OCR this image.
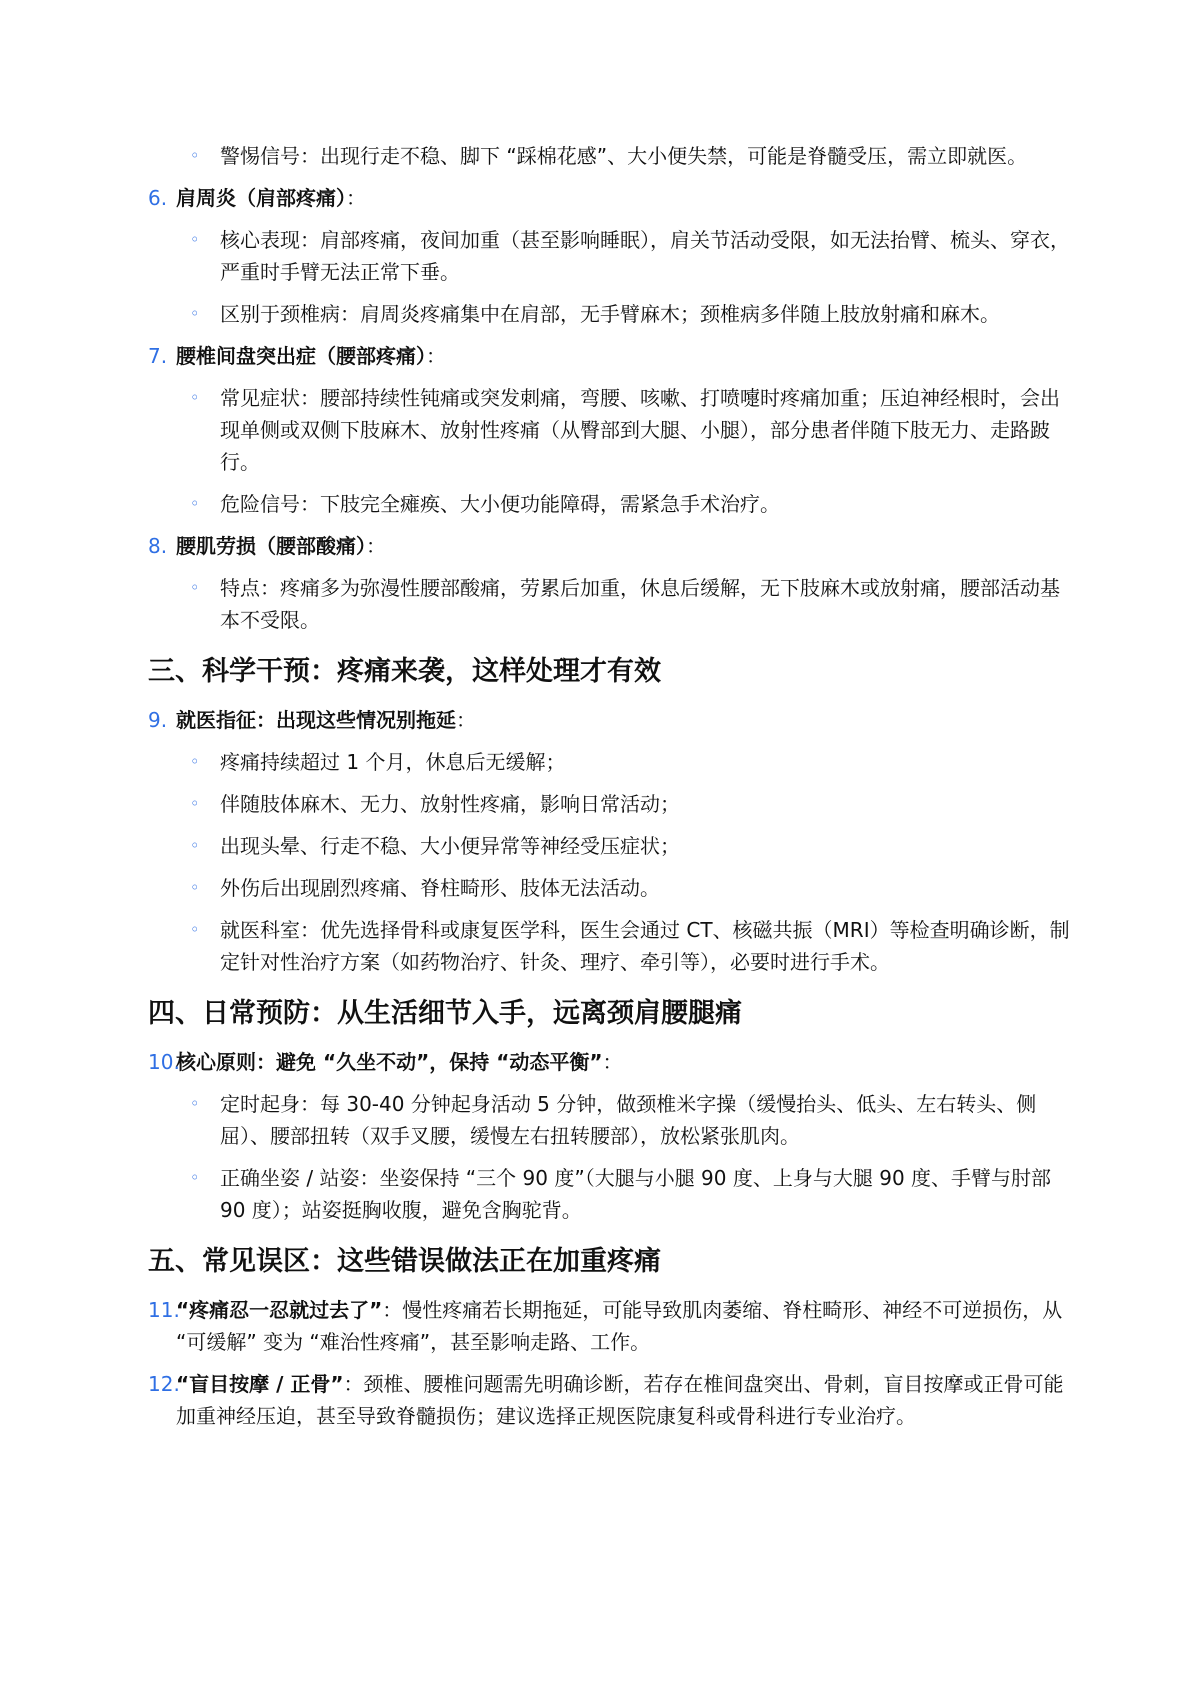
◦ 警惕信号：出现行走不稳、脚下 “踩棉花感”、大小便失禁，可能是脊髓受压，需立即就医。
6. 肩周炎（肩部疼痛）：
◦ 核心表现：肩部疼痛，夜间加重（甚至影响睡眠），肩关节活动受限，如无法抬臂、梳头、穿衣，严重时手臂无法正常下垂。
◦ 区别于颈椎病：肩周炎疼痛集中在肩部，无手臂麻木；颈椎病多伴随上肢放射痛和麻木。
7. 腰椎间盘突出症（腰部疼痛）：
◦ 常见症状：腰部持续性钝痛或突发刺痛，弯腰、咳嗽、打喷嚏时疼痛加重；压迫神经根时，会出现单侧或双侧下肢麻木、放射性疼痛（从臀部到大腿、小腿），部分患者伴随下肢无力、走路跛行。
◦ 危险信号：下肢完全瘫痪、大小便功能障碍，需紧急手术治疗。
8. 腰肌劳损（腰部酸痛）：
◦ 特点：疼痛多为弥漫性腰部酸痛，劳累后加重，休息后缓解，无下肢麻木或放射痛，腰部活动基本不受限。
三、科学干预：疼痛来袭，这样处理才有效
9. 就医指征：出现这些情况别拖延：
◦ 疼痛持续超过 1 个月，休息后无缓解；
◦ 伴随肢体麻木、无力、放射性疼痛，影响日常活动；
◦ 出现头晕、行走不稳、大小便异常等神经受压症状；
◦ 外伤后出现剧烈疼痛、脊柱畸形、肢体无法活动。
◦ 就医科室：优先选择骨科或康复医学科，医生会通过 CT、核磁共振（MRI）等检查明确诊断，制定针对性治疗方案（如药物治疗、针灸、理疗、牵引等），必要时进行手术。
四、日常预防：从生活细节入手，远离颈肩腰腿痛
10.
核心原则：避免 “久坐不动”，保持 “动态平衡”：
◦ 定时起身：每 30-40 分钟起身活动 5 分钟，做颈椎米字操（缓慢抬头、低头、左右转头、侧屈）、腰部扭转（双手叉腰，缓慢左右扭转腰部），放松紧张肌肉。
◦ 正确坐姿 / 站姿：坐姿保持 “三个 90 度”（大腿与小腿 90 度、上身与大腿 90 度、手臂与肘部 90 度）；站姿挺胸收腹，避免含胸驼背。
五、常见误区：这些错误做法正在加重疼痛
11.
“疼痛忍一忍就过去了”：慢性疼痛若长期拖延，可能导致肌肉萎缩、脊柱畸形、神经不可逆损伤，从 “可缓解” 变为 “难治性疼痛”，甚至影响走路、工作。
12.
“盲目按摩 / 正骨”：颈椎、腰椎问题需先明确诊断，若存在椎间盘突出、骨刺，盲目按摩或正骨可能加重神经压迫，甚至导致脊髓损伤；建议选择正规医院康复科或骨科进行专业治疗。
